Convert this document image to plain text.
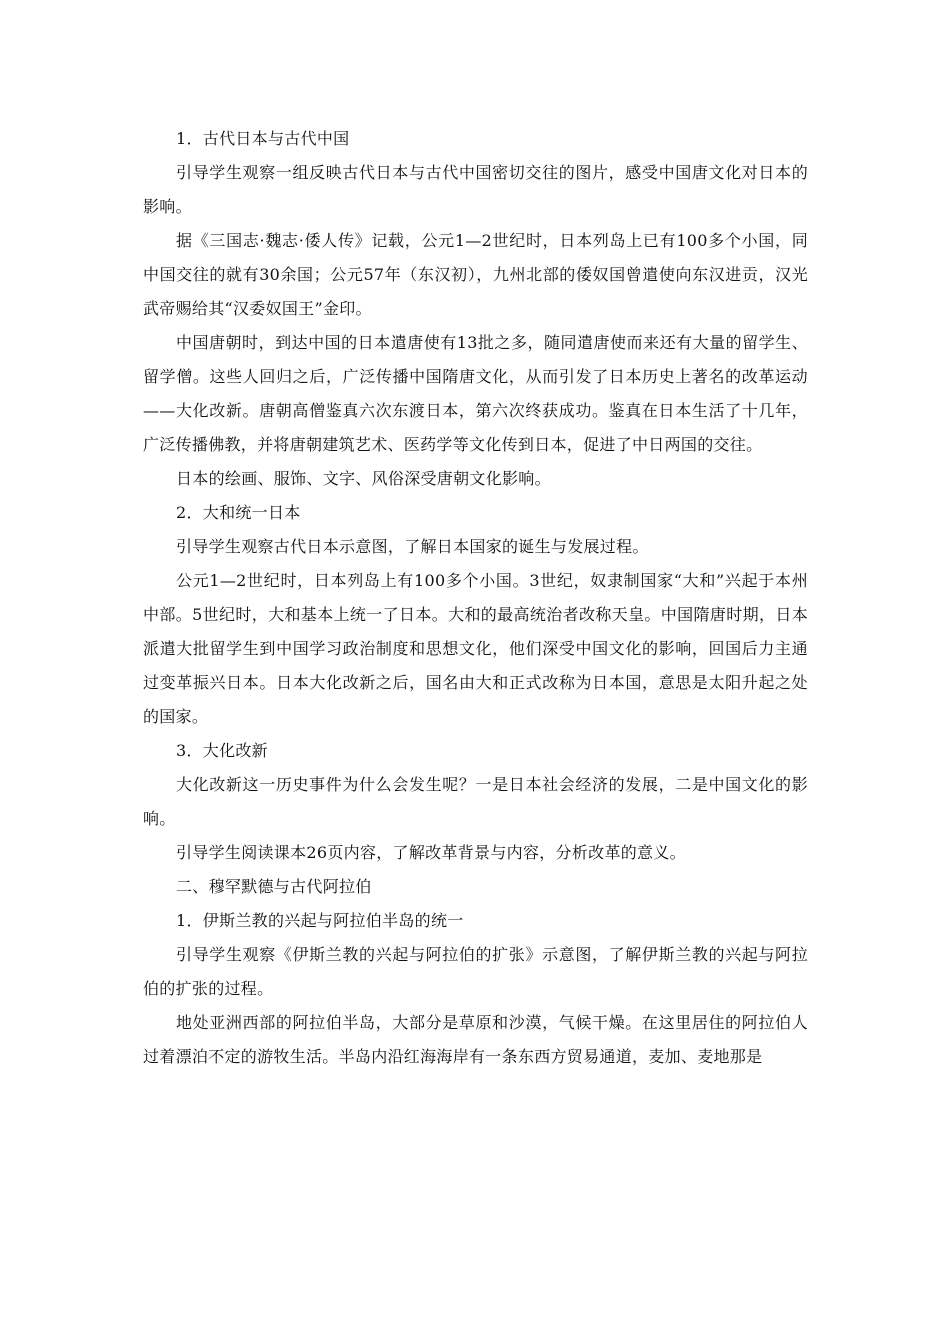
1．古代日本与古代中国

引导学生观察一组反映古代日本与古代中国密切交往的图片，感受中国唐文化对日本的影响。

据《三国志·魏志·倭人传》记载，公元1—2世纪时，日本列岛上已有100多个小国，同中国交往的就有30余国；公元57年（东汉初），九州北部的倭奴国曾遣使向东汉进贡，汉光武帝赐给其“汉委奴国王”金印。

中国唐朝时，到达中国的日本遣唐使有13批之多，随同遣唐使而来还有大量的留学生、留学僧。这些人回归之后，广泛传播中国隋唐文化，从而引发了日本历史上著名的改革运动——大化改新。唐朝高僧鉴真六次东渡日本，第六次终获成功。鉴真在日本生活了十几年，广泛传播佛教，并将唐朝建筑艺术、医药学等文化传到日本，促进了中日两国的交往。

日本的绘画、服饰、文字、风俗深受唐朝文化影响。

2．大和统一日本

引导学生观察古代日本示意图，了解日本国家的诞生与发展过程。

公元1—2世纪时，日本列岛上有100多个小国。3世纪，奴隶制国家“大和”兴起于本州中部。5世纪时，大和基本上统一了日本。大和的最高统治者改称天皇。中国隋唐时期，日本派遣大批留学生到中国学习政治制度和思想文化，他们深受中国文化的影响，回国后力主通过变革振兴日本。日本大化改新之后，国名由大和正式改称为日本国，意思是太阳升起之处的国家。

3．大化改新

大化改新这一历史事件为什么会发生呢？一是日本社会经济的发展，二是中国文化的影响。

引导学生阅读课本26页内容，了解改革背景与内容，分析改革的意义。

二、穆罕默德与古代阿拉伯

1．伊斯兰教的兴起与阿拉伯半岛的统一

引导学生观察《伊斯兰教的兴起与阿拉伯的扩张》示意图，了解伊斯兰教的兴起与阿拉伯的扩张的过程。

地处亚洲西部的阿拉伯半岛，大部分是草原和沙漠，气候干燥。在这里居住的阿拉伯人过着漂泊不定的游牧生活。半岛内沿红海海岸有一条东西方贸易通道，麦加、麦地那是
